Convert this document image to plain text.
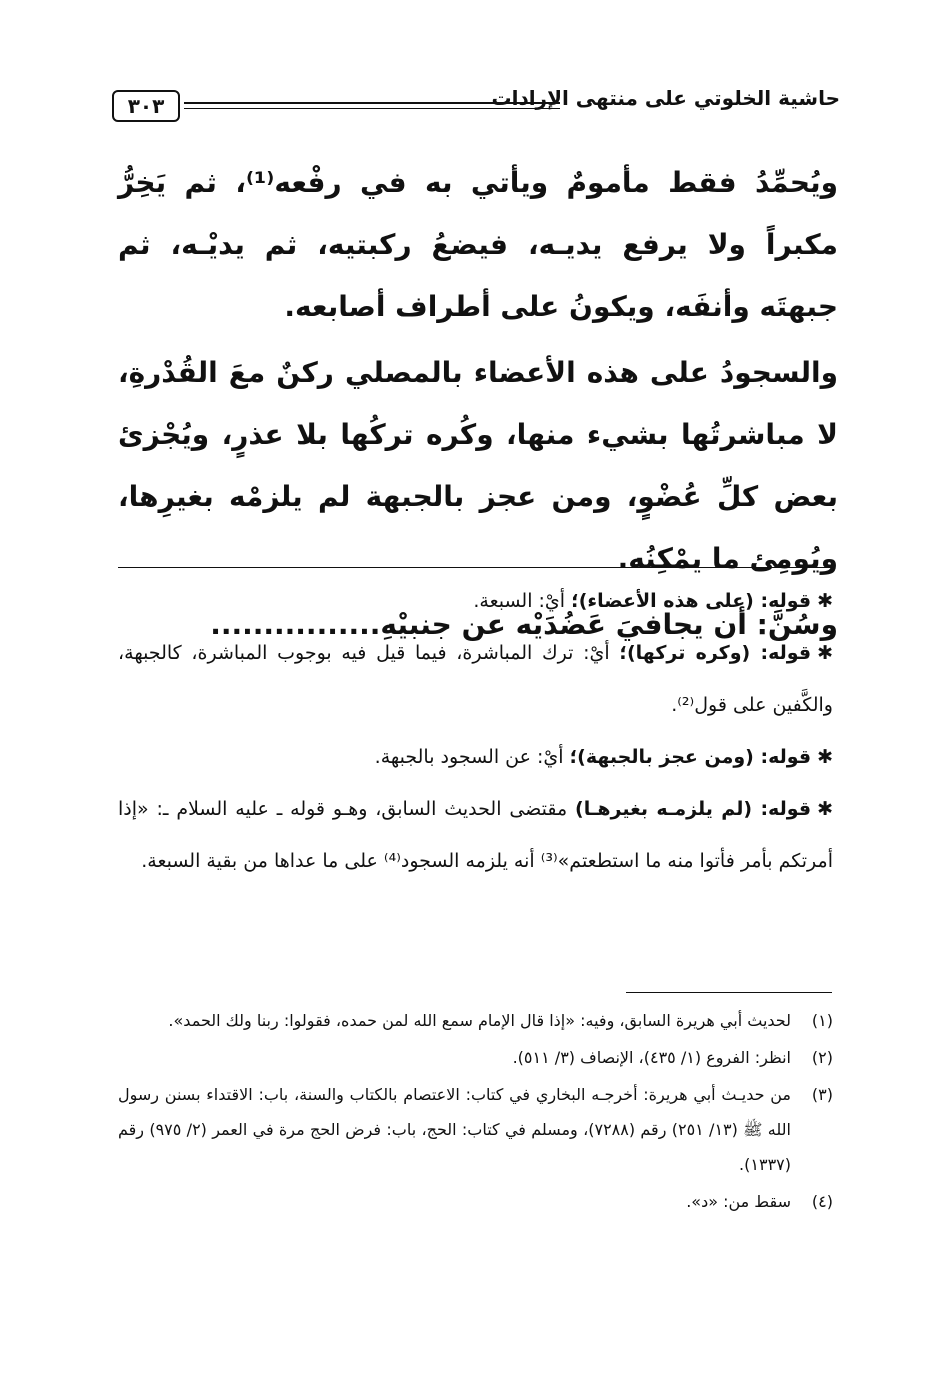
٣٠٣	حاشية الخلوتي على منتهى الإرادات

ويُحمِّدُ فقط مأمومٌ ويأتي به في رفْعه⁽¹⁾، ثم يَخِرُّ مكبراً ولا يرفع يديـه، فيضعُ ركبتيه، ثم يديْـه، ثم جبهتَه وأنفَه، ويكونُ على أطراف أصابعه.

والسجودُ على هذه الأعضاء بالمصلي ركنٌ معَ القُدْرةِ، لا مباشرتُها بشيء منها، وكُره تركُها بلا عذرٍ، ويُجْزئ بعض كلِّ عُضْوٍ، ومن عجز بالجبهة لم يلزمْه بغيرِها، ويُومِئ ما يمْكِنُه.

وسُنَّ: أن يجافيَ عَضُدَيْه عن جنبيْهِ................

✱قوله: (على هذه الأعضاء)؛ أيْ: السبعة.

✱قوله: (وكره تركها)؛ أيْ: ترك المباشرة، فيما قيل فيه بوجوب المباشرة، كالجبهة، والكَّفين على قول⁽²⁾.

✱قوله: (ومن عجز بالجبهة)؛ أيْ: عن السجود بالجبهة.

✱قوله: (لم يلزمـه بغيرهـا) مقتضى الحديث السابق، وهـو قوله ـ عليه السلام ـ: «إذا أمرتكم بأمر فأتوا منه ما استطعتم»⁽³⁾ أنه يلزمه السجود⁽⁴⁾ على ما عداها من بقية السبعة.

(١)
لحديث أبي هريرة السابق، وفيه: «إذا قال الإمام سمع الله لمن حمده، فقولوا: ربنا ولك الحمد».
(٢)
انظر: الفروع (١/ ٤٣٥)، الإنصاف (٣/ ٥١١).
(٣)
من حديـث أبي هريرة: أخرجـه البخاري في كتاب: الاعتصام بالكتاب والسنة، باب: الاقتداء بسنن رسول الله ﷺ (١٣/ ٢٥١) رقم (٧٢٨٨)، ومسلم في كتاب: الحج، باب: فرض الحج مرة في العمر (٢/ ٩٧٥) رقم (١٣٣٧).
(٤)
سقط من: «د».
